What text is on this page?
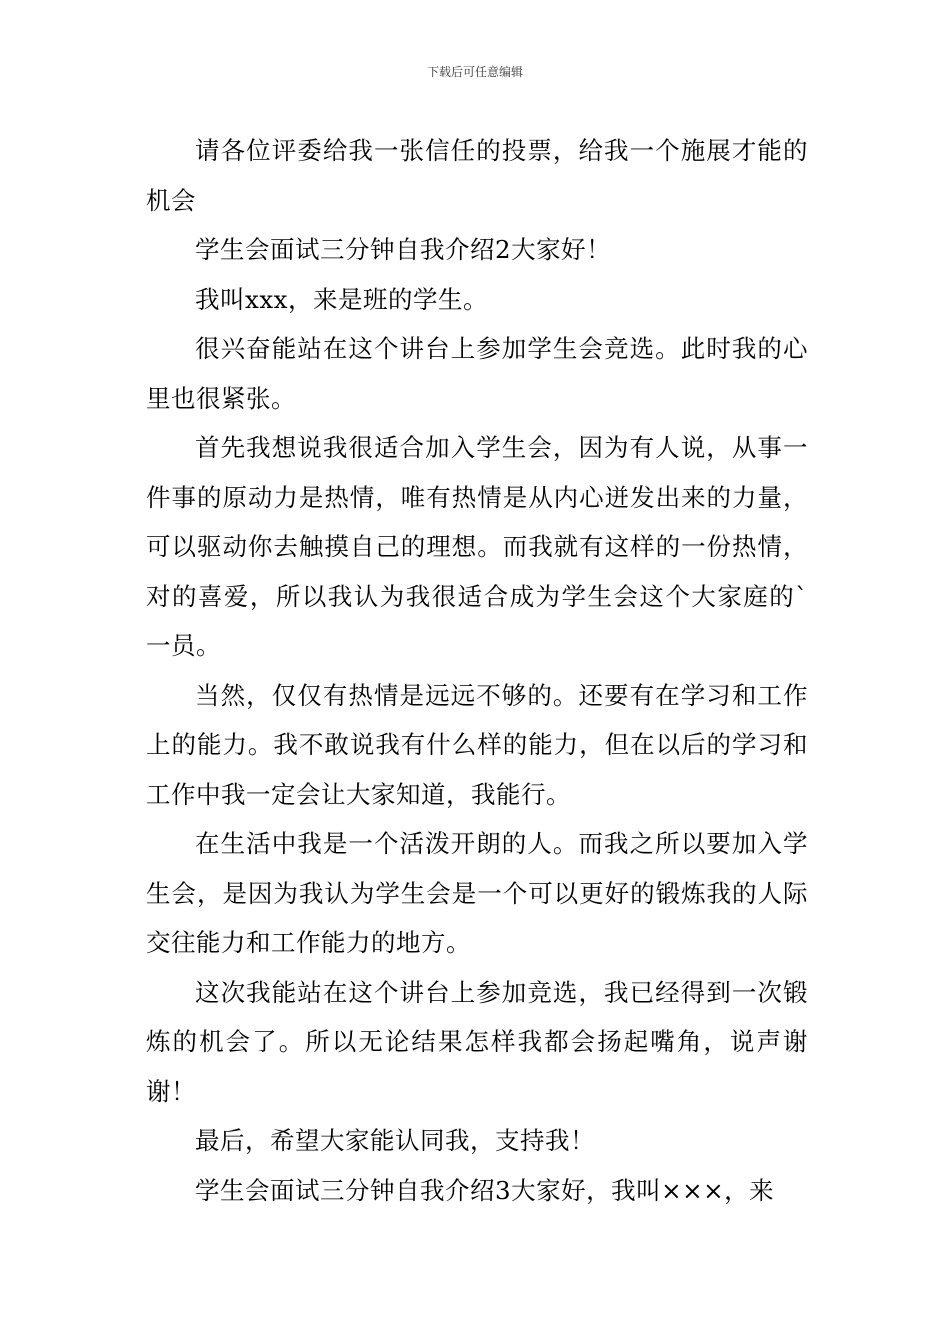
下载后可任意编辑

请各位评委给我一张信任的投票，给我一个施展才能的机会

学生会面试三分钟自我介绍2大家好！

我叫xxx，来是班的学生。

很兴奋能站在这个讲台上参加学生会竞选。此时我的心里也很紧张。

首先我想说我很适合加入学生会，因为有人说，从事一件事的原动力是热情，唯有热情是从内心迸发出来的力量，可以驱动你去触摸自己的理想。而我就有这样的一份热情，对的喜爱，所以我认为我很适合成为学生会这个大家庭的`一员。

当然，仅仅有热情是远远不够的。还要有在学习和工作上的能力。我不敢说我有什么样的能力，但在以后的学习和工作中我一定会让大家知道，我能行。

在生活中我是一个活泼开朗的人。而我之所以要加入学生会，是因为我认为学生会是一个可以更好的锻炼我的人际交往能力和工作能力的地方。

这次我能站在这个讲台上参加竞选，我已经得到一次锻炼的机会了。所以无论结果怎样我都会扬起嘴角，说声谢谢！

最后，希望大家能认同我，支持我！

学生会面试三分钟自我介绍3大家好，我叫×××，来
